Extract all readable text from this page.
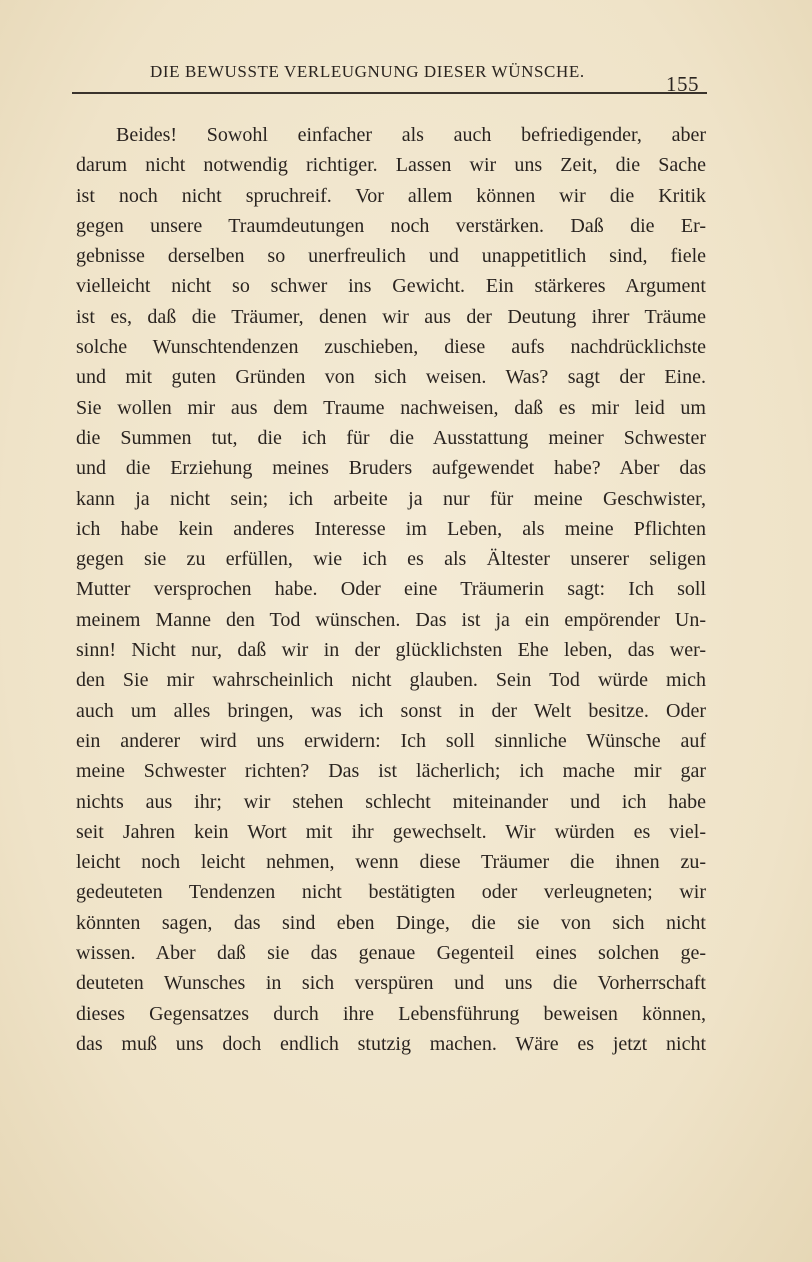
DIE BEWUSSTE VERLEUGNUNG DIESER WÜNSCHE.
155
Beides! Sowohl einfacher als auch befriedigender, aber
darum nicht notwendig richtiger. Lassen wir uns Zeit, die Sache
ist noch nicht spruchreif. Vor allem können wir die Kritik
gegen unsere Traumdeutungen noch verstärken. Daß die Er-
gebnisse derselben so unerfreulich und unappetitlich sind, fiele
vielleicht nicht so schwer ins Gewicht. Ein stärkeres Argument
ist es, daß die Träumer, denen wir aus der Deutung ihrer Träume
solche Wunschtendenzen zuschieben, diese aufs nachdrücklichste
und mit guten Gründen von sich weisen. Was? sagt der Eine.
Sie wollen mir aus dem Traume nachweisen, daß es mir leid um
die Summen tut, die ich für die Ausstattung meiner Schwester
und die Erziehung meines Bruders aufgewendet habe? Aber das
kann ja nicht sein; ich arbeite ja nur für meine Geschwister,
ich habe kein anderes Interesse im Leben, als meine Pflichten
gegen sie zu erfüllen, wie ich es als Ältester unserer seligen
Mutter versprochen habe. Oder eine Träumerin sagt: Ich soll
meinem Manne den Tod wünschen. Das ist ja ein empörender Un-
sinn! Nicht nur, daß wir in der glücklichsten Ehe leben, das wer-
den Sie mir wahrscheinlich nicht glauben. Sein Tod würde mich
auch um alles bringen, was ich sonst in der Welt besitze. Oder
ein anderer wird uns erwidern: Ich soll sinnliche Wünsche auf
meine Schwester richten? Das ist lächerlich; ich mache mir gar
nichts aus ihr; wir stehen schlecht miteinander und ich habe
seit Jahren kein Wort mit ihr gewechselt. Wir würden es viel-
leicht noch leicht nehmen, wenn diese Träumer die ihnen zu-
gedeuteten Tendenzen nicht bestätigten oder verleugneten; wir
könnten sagen, das sind eben Dinge, die sie von sich nicht
wissen. Aber daß sie das genaue Gegenteil eines solchen ge-
deuteten Wunsches in sich verspüren und uns die Vorherrschaft
dieses Gegensatzes durch ihre Lebensführung beweisen können,
das muß uns doch endlich stutzig machen. Wäre es jetzt nicht
